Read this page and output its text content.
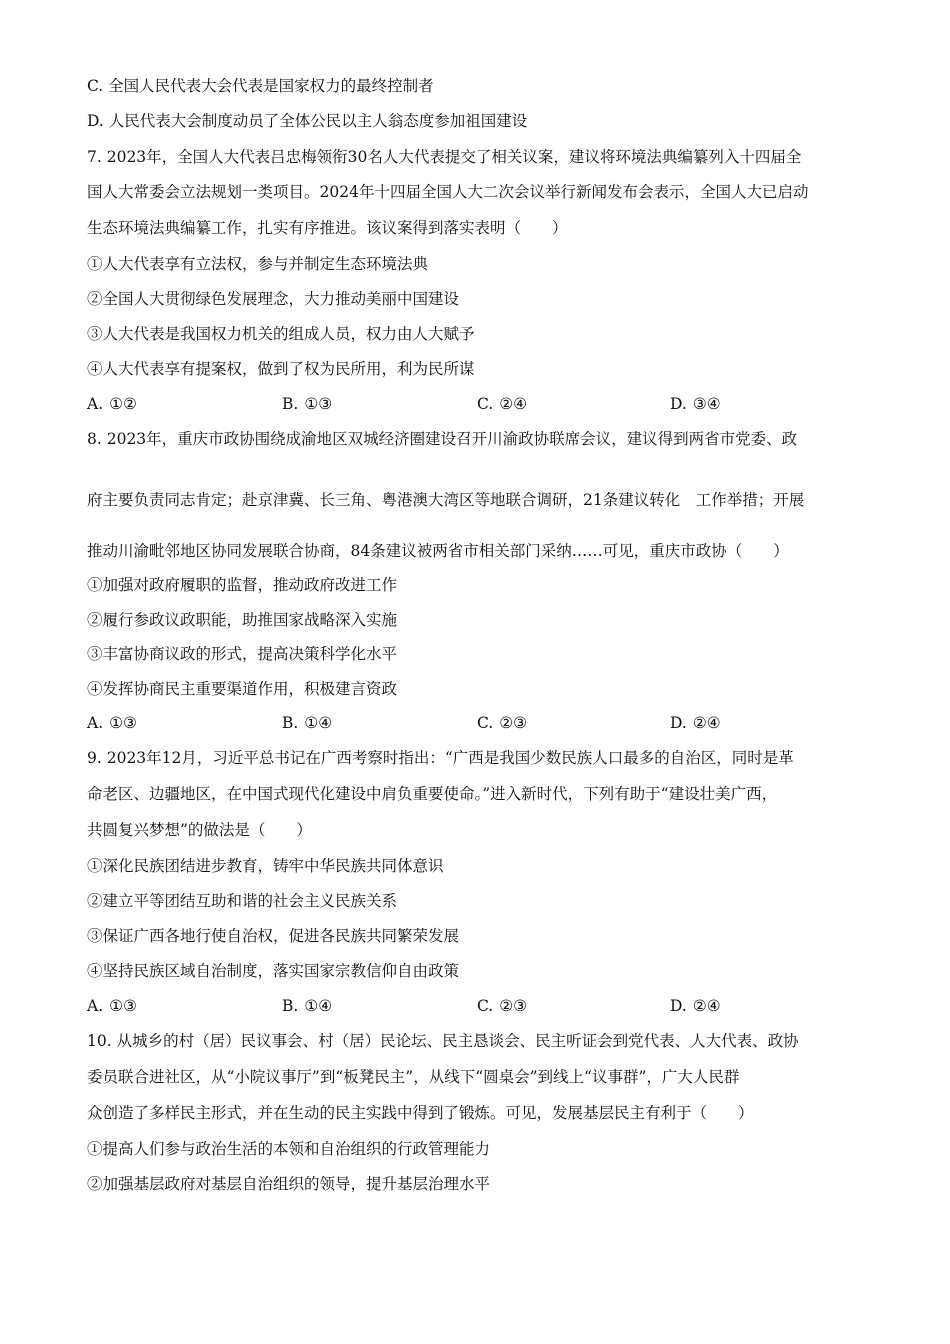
C. 全国人民代表大会代表是国家权力的最终控制者
D. 人民代表大会制度动员了全体公民以主人翁态度参加祖国建设
7. 2023年，全国人大代表吕忠梅领衔30名人大代表提交了相关议案，建议将环境法典编纂列入十四届全
国人大常委会立法规划一类项目。2024年十四届全国人大二次会议举行新闻发布会表示，全国人大已启动
生态环境法典编纂工作，扎实有序推进。该议案得到落实表明（　　）
①人大代表享有立法权，参与并制定生态环境法典
②全国人大贯彻绿色发展理念，大力推动美丽中国建设
③人大代表是我国权力机关的组成人员，权力由人大赋予
④人大代表享有提案权，做到了权为民所用，利为民所谋
A. ①②	B. ①③	C. ②④	D. ③④
8. 2023年，重庆市政协围绕成渝地区双城经济圈建设召开川渝政协联席会议，建议得到两省市党委、政
府主要负责同志肯定；赴京津冀、长三角、粤港澳大湾区等地联合调研，21条建议转化　工作举措；开展
推动川渝毗邻地区协同发展联合协商，84条建议被两省市相关部门采纳……可见，重庆市政协（　　）
①加强对政府履职的监督，推动政府改进工作
②履行参政议政职能，助推国家战略深入实施
③丰富协商议政的形式，提高决策科学化水平
④发挥协商民主重要渠道作用，积极建言资政
A. ①③	B. ①④	C. ②③	D. ②④
9. 2023年12月，习近平总书记在广西考察时指出：“广西是我国少数民族人口最多的自治区，同时是革
命老区、边疆地区，在中国式现代化建设中肩负重要使命。”进入新时代，下列有助于“建设壮美广西，
共圆复兴梦想”的做法是（　　）
①深化民族团结进步教育，铸牢中华民族共同体意识
②建立平等团结互助和谐的社会主义民族关系
③保证广西各地行使自治权，促进各民族共同繁荣发展
④坚持民族区域自治制度，落实国家宗教信仰自由政策
A. ①③	B. ①④	C. ②③	D. ②④
10. 从城乡的村（居）民议事会、村（居）民论坛、民主恳谈会、民主听证会到党代表、人大代表、政协
委员联合进社区，从“小院议事厅”到“板凳民主”，从线下“圆桌会”到线上“议事群”，广大人民群
众创造了多样民主形式，并在生动的民主实践中得到了锻炼。可见，发展基层民主有利于（　　）
①提高人们参与政治生活的本领和自治组织的行政管理能力
②加强基层政府对基层自治组织的领导，提升基层治理水平
